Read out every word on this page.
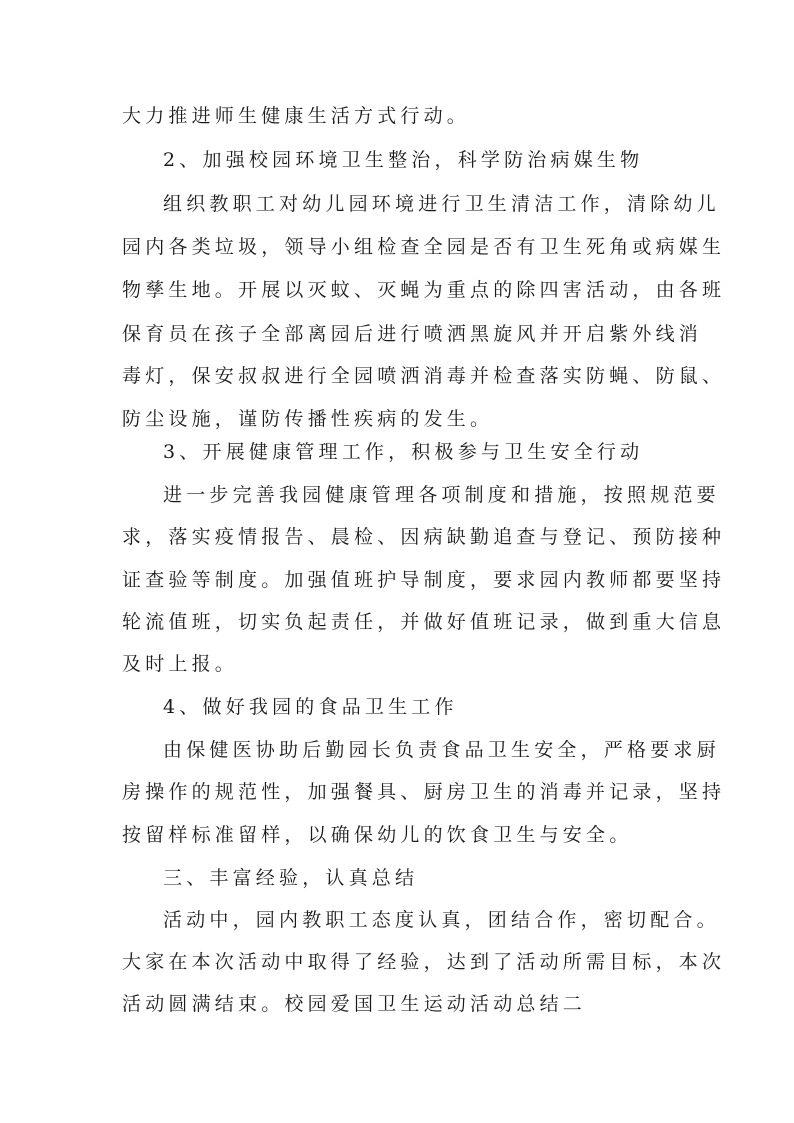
大力推进师生健康生活方式行动。
2、加强校园环境卫生整治，科学防治病媒生物
组织教职工对幼儿园环境进行卫生清洁工作，清除幼儿
园内各类垃圾，领导小组检查全园是否有卫生死角或病媒生
物孳生地。开展以灭蚊、灭蝇为重点的除四害活动，由各班
保育员在孩子全部离园后进行喷洒黑旋风并开启紫外线消
毒灯，保安叔叔进行全园喷洒消毒并检查落实防蝇、防鼠、
防尘设施，谨防传播性疾病的发生。
3、开展健康管理工作，积极参与卫生安全行动
进一步完善我园健康管理各项制度和措施，按照规范要
求，落实疫情报告、晨检、因病缺勤追查与登记、预防接种
证查验等制度。加强值班护导制度，要求园内教师都要坚持
轮流值班，切实负起责任，并做好值班记录，做到重大信息
及时上报。
4、做好我园的食品卫生工作
由保健医协助后勤园长负责食品卫生安全，严格要求厨
房操作的规范性，加强餐具、厨房卫生的消毒并记录，坚持
按留样标准留样，以确保幼儿的饮食卫生与安全。
三、丰富经验，认真总结
活动中，园内教职工态度认真，团结合作，密切配合。
大家在本次活动中取得了经验，达到了活动所需目标，本次
活动圆满结束。校园爱国卫生运动活动总结二
